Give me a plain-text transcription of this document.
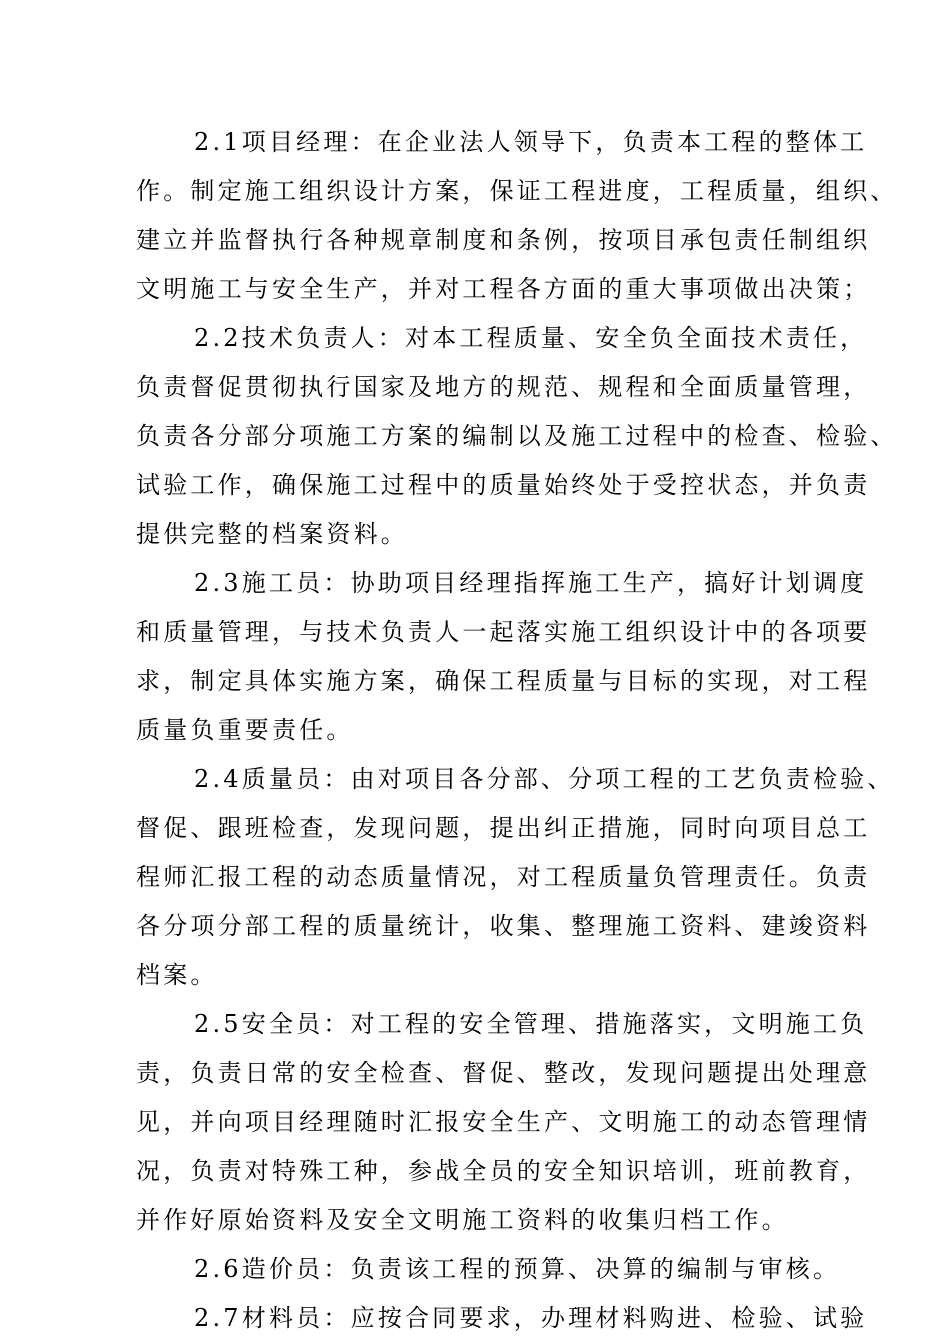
2.1项目经理：在企业法人领导下，负责本工程的整体工
作。制定施工组织设计方案，保证工程进度，工程质量，组织、
建立并监督执行各种规章制度和条例，按项目承包责任制组织
文明施工与安全生产，并对工程各方面的重大事项做出决策；
2.2技术负责人：对本工程质量、安全负全面技术责任，
负责督促贯彻执行国家及地方的规范、规程和全面质量管理，
负责各分部分项施工方案的编制以及施工过程中的检查、检验、
试验工作，确保施工过程中的质量始终处于受控状态，并负责
提供完整的档案资料。
2.3施工员：协助项目经理指挥施工生产，搞好计划调度
和质量管理，与技术负责人一起落实施工组织设计中的各项要
求，制定具体实施方案，确保工程质量与目标的实现，对工程
质量负重要责任。
2.4质量员：由对项目各分部、分项工程的工艺负责检验、
督促、跟班检查，发现问题，提出纠正措施，同时向项目总工
程师汇报工程的动态质量情况，对工程质量负管理责任。负责
各分项分部工程的质量统计，收集、整理施工资料、建竣资料
档案。
2.5安全员：对工程的安全管理、措施落实，文明施工负
责，负责日常的安全检查、督促、整改，发现问题提出处理意
见，并向项目经理随时汇报安全生产、文明施工的动态管理情
况，负责对特殊工种，参战全员的安全知识培训，班前教育，
并作好原始资料及安全文明施工资料的收集归档工作。
2.6造价员：负责该工程的预算、决算的编制与审核。
2.7材料员：应按合同要求，办理材料购进、检验、试验
